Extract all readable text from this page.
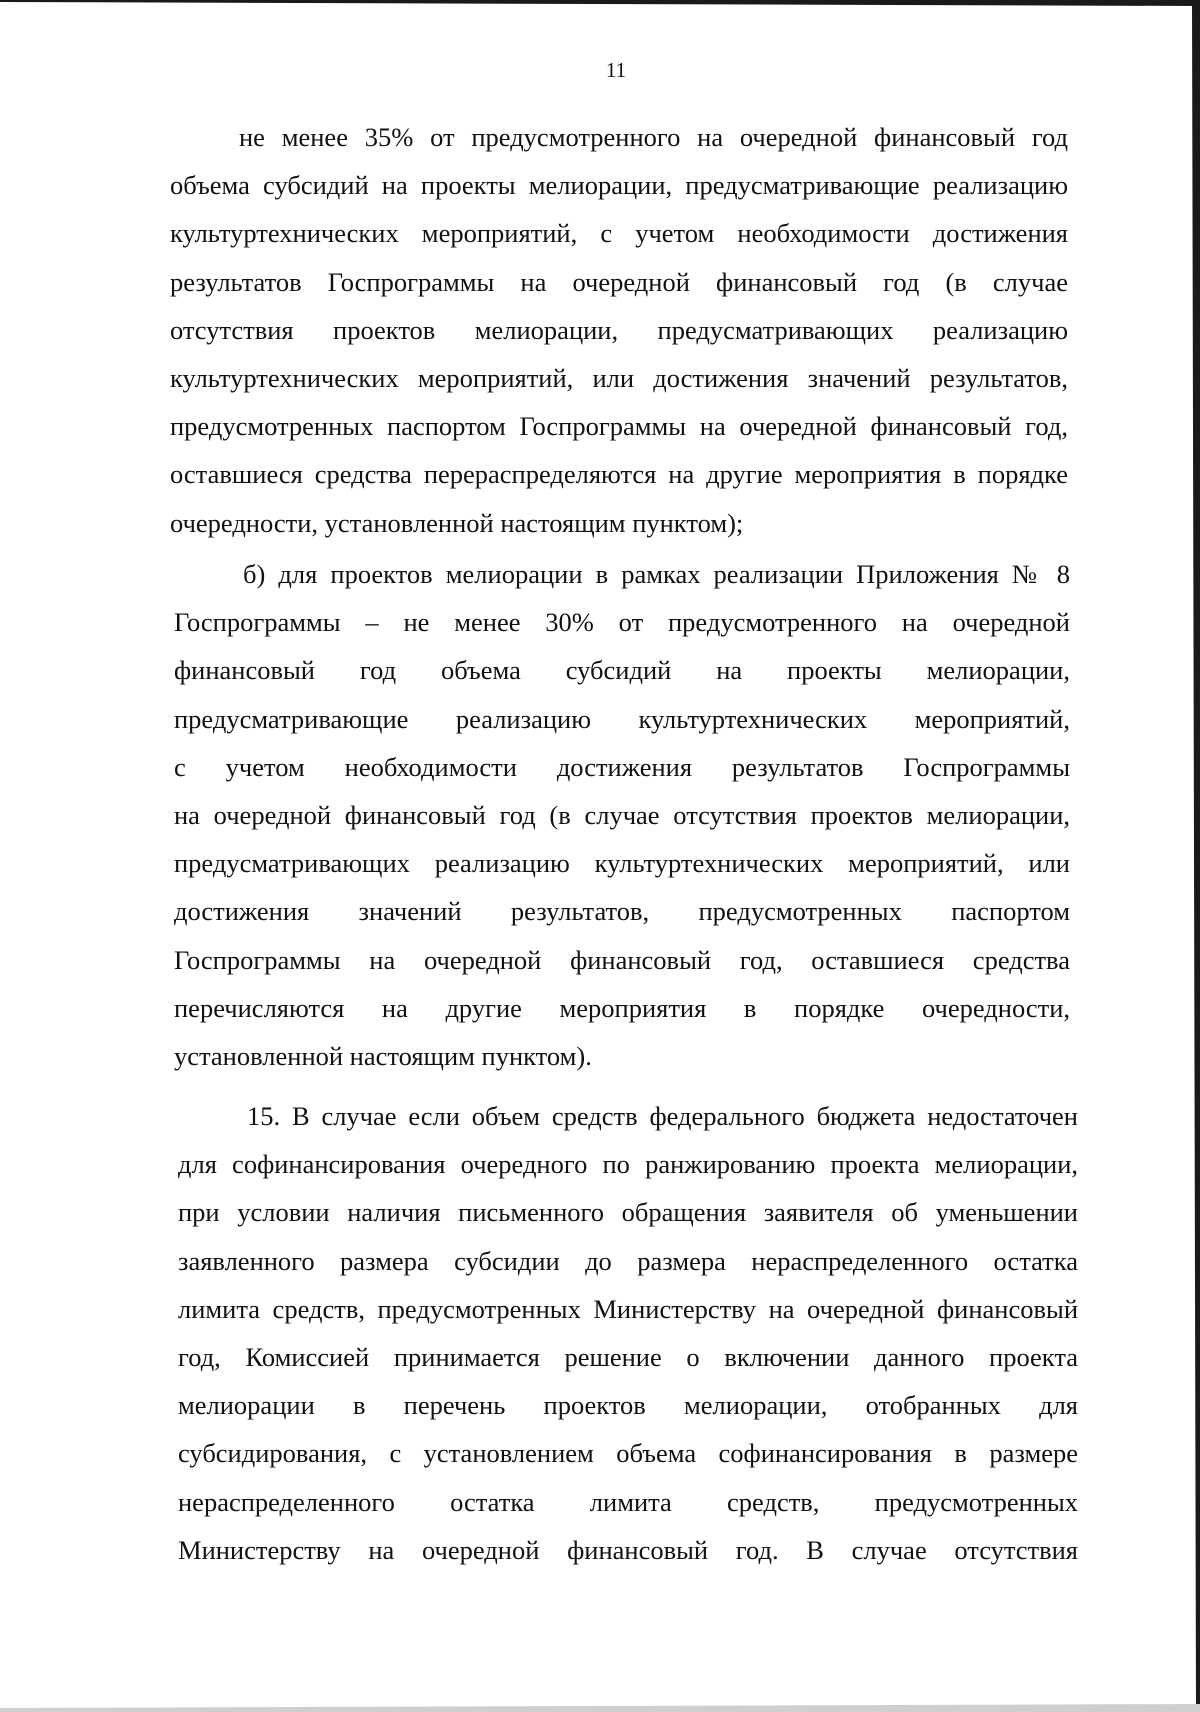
11
не менее 35% от предусмотренного на очередной финансовый год
объема субсидий на проекты мелиорации, предусматривающие реализацию
культуртехнических мероприятий, с учетом необходимости достижения
результатов Госпрограммы на очередной финансовый год (в случае
отсутствия проектов мелиорации, предусматривающих реализацию
культуртехнических мероприятий, или достижения значений результатов,
предусмотренных паспортом Госпрограммы на очередной финансовый год,
оставшиеся средства перераспределяются на другие мероприятия в порядке
очередности, установленной настоящим пунктом);
б) для проектов мелиорации в рамках реализации Приложения № 8
Госпрограммы – не менее 30% от предусмотренного на очередной
финансовый год объема субсидий на проекты мелиорации,
предусматривающие реализацию культуртехнических мероприятий,
с учетом необходимости достижения результатов Госпрограммы
на очередной финансовый год (в случае отсутствия проектов мелиорации,
предусматривающих реализацию культуртехнических мероприятий, или
достижения значений результатов, предусмотренных паспортом
Госпрограммы на очередной финансовый год, оставшиеся средства
перечисляются на другие мероприятия в порядке очередности,
установленной настоящим пунктом).
15. В случае если объем средств федерального бюджета недостаточен
для софинансирования очередного по ранжированию проекта мелиорации,
при условии наличия письменного обращения заявителя об уменьшении
заявленного размера субсидии до размера нераспределенного остатка
лимита средств, предусмотренных Министерству на очередной финансовый
год, Комиссией принимается решение о включении данного проекта
мелиорации в перечень проектов мелиорации, отобранных для
субсидирования, с установлением объема софинансирования в размере
нераспределенного остатка лимита средств, предусмотренных
Министерству на очередной финансовый год. В случае отсутствия
